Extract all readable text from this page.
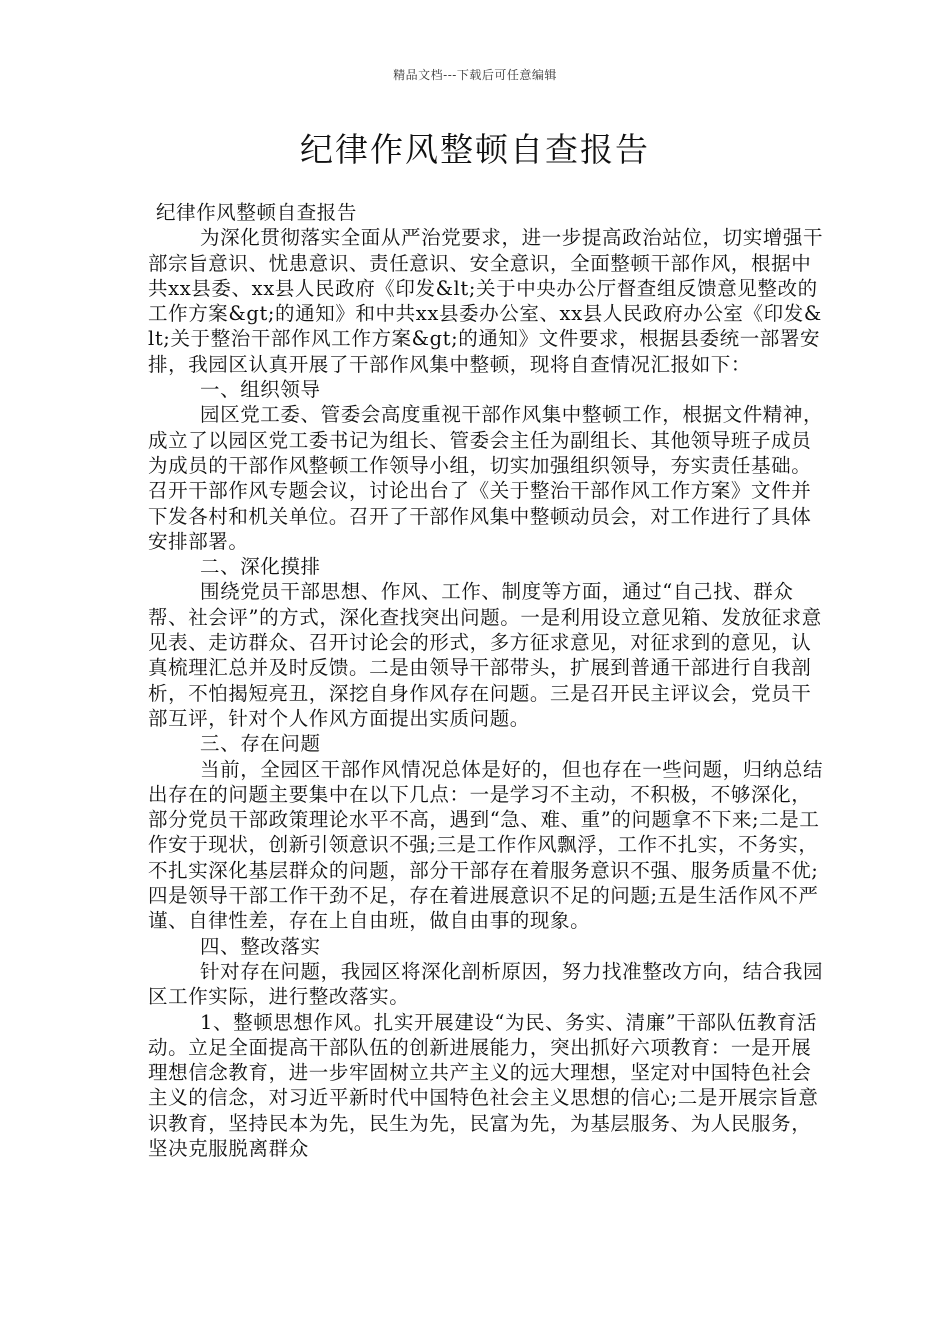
精品文档---下载后可任意编辑
纪律作风整顿自查报告

纪律作风整顿自查报告

为深化贯彻落实全面从严治党要求，进一步提高政治站位，切实增强干部宗旨意识、忧患意识、责任意识、安全意识，全面整顿干部作风，根据中共xx县委、xx县人民政府《印发&lt;关于中央办公厅督查组反馈意见整改的工作方案&gt;的通知》和中共xx县委办公室、xx县人民政府办公室《印发&lt;关于整治干部作风工作方案&gt;的通知》文件要求，根据县委统一部署安排，我园区认真开展了干部作风集中整顿，现将自查情况汇报如下：

一、组织领导

园区党工委、管委会高度重视干部作风集中整顿工作，根据文件精神，成立了以园区党工委书记为组长、管委会主任为副组长、其他领导班子成员为成员的干部作风整顿工作领导小组，切实加强组织领导，夯实责任基础。召开干部作风专题会议，讨论出台了《关于整治干部作风工作方案》文件并下发各村和机关单位。召开了干部作风集中整顿动员会，对工作进行了具体安排部署。

二、深化摸排

围绕党员干部思想、作风、工作、制度等方面，通过“自己找、群众帮、社会评”的方式，深化查找突出问题。一是利用设立意见箱、发放征求意见表、走访群众、召开讨论会的形式，多方征求意见，对征求到的意见，认真梳理汇总并及时反馈。二是由领导干部带头，扩展到普通干部进行自我剖析，不怕揭短亮丑，深挖自身作风存在问题。三是召开民主评议会，党员干部互评，针对个人作风方面提出实质问题。

三、存在问题

当前，全园区干部作风情况总体是好的，但也存在一些问题，归纳总结出存在的问题主要集中在以下几点：一是学习不主动，不积极，不够深化，部分党员干部政策理论水平不高，遇到“急、难、重”的问题拿不下来;二是工作安于现状，创新引领意识不强;三是工作作风飘浮，工作不扎实，不务实，不扎实深化基层群众的问题，部分干部存在着服务意识不强、服务质量不优;四是领导干部工作干劲不足，存在着进展意识不足的问题;五是生活作风不严谨、自律性差，存在上自由班，做自由事的现象。

四、整改落实

针对存在问题，我园区将深化剖析原因，努力找准整改方向，结合我园区工作实际，进行整改落实。

1、整顿思想作风。扎实开展建设“为民、务实、清廉”干部队伍教育活动。立足全面提高干部队伍的创新进展能力，突出抓好六项教育：一是开展理想信念教育，进一步牢固树立共产主义的远大理想，坚定对中国特色社会主义的信念，对习近平新时代中国特色社会主义思想的信心;二是开展宗旨意识教育，坚持民本为先，民生为先，民富为先，为基层服务、为人民服务，坚决克服脱离群众
